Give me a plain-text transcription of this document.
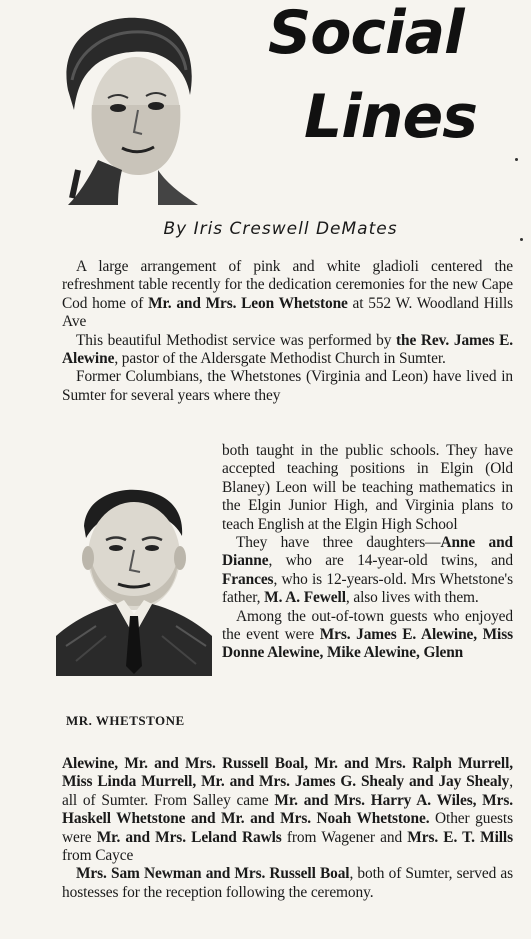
Social
Lines
By Iris Creswell DeMates

A large arrangement of pink and white gladioli centered the refreshment table recently for the dedication ceremonies for the new Cape Cod home of Mr. and Mrs. Leon Whetstone at 552 W. Woodland Hills Ave

This beautiful Methodist service was performed by the Rev. James E. Alewine, pastor of the Aldersgate Methodist Church in Sumter.

Former Columbians, the Whetstones (Virginia and Leon) have lived in Sumter for several years where they

MR. WHETSTONE

both taught in the public schools. They have accepted teaching positions in Elgin (Old Blaney) Leon will be teaching mathematics in the Elgin Junior High, and Virginia plans to teach English at the Elgin High School

They have three daughters—Anne and Dianne, who are 14-year-old twins, and Frances, who is 12-years-old. Mrs Whetstone's father, M. A. Fewell, also lives with them.

Among the out-of-town guests who enjoyed the event were Mrs. James E. Alewine, Miss Donne Alewine, Mike Alewine, Glenn

Alewine, Mr. and Mrs. Russell Boal, Mr. and Mrs. Ralph Murrell, Miss Linda Murrell, Mr. and Mrs. James G. Shealy and Jay Shealy, all of Sumter. From Salley came Mr. and Mrs. Harry A. Wiles, Mrs. Haskell Whetstone and Mr. and Mrs. Noah Whetstone. Other guests were Mr. and Mrs. Leland Rawls from Wagener and Mrs. E. T. Mills from Cayce

Mrs. Sam Newman and Mrs. Russell Boal, both of Sumter, served as hostesses for the reception following the ceremony.
